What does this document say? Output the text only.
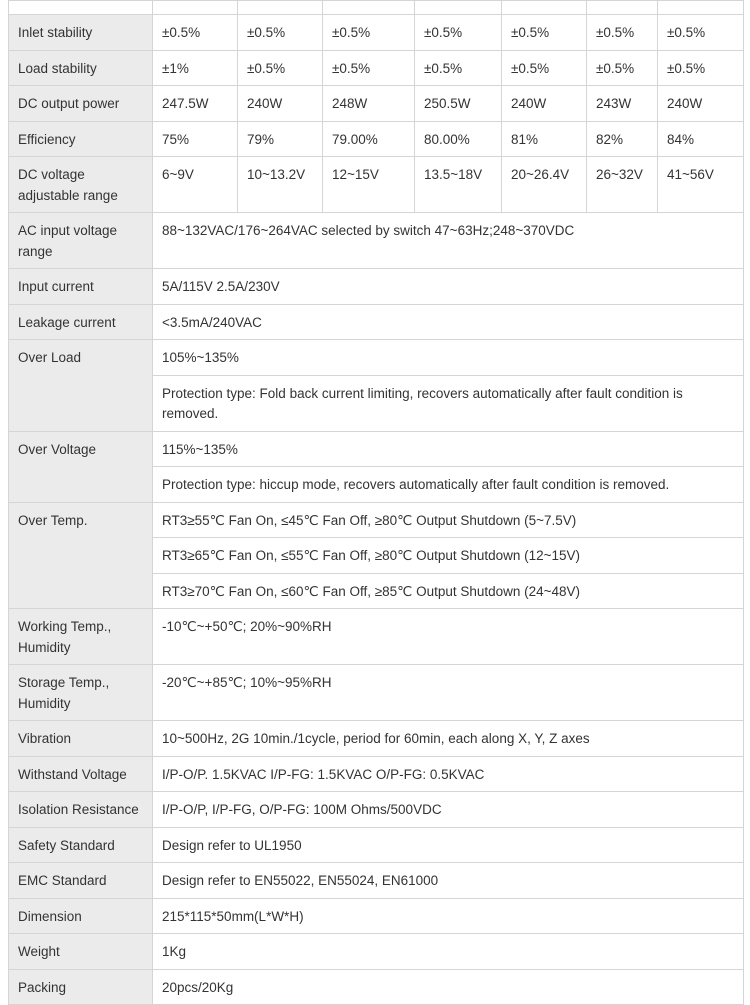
Inlet stability	±0.5%	±0.5%	±0.5%	±0.5%	±0.5%	±0.5%	±0.5%
Load stability	±1%	±0.5%	±0.5%	±0.5%	±0.5%	±0.5%	±0.5%
DC output power	247.5W	240W	248W	250.5W	240W	243W	240W
Efficiency	75%	79%	79.00%	80.00%	81%	82%	84%
DC voltage adjustable range	6~9V	10~13.2V	12~15V	13.5~18V	20~26.4V	26~32V	41~56V
AC input voltage range	88~132VAC/176~264VAC selected by switch 47~63Hz;248~370VDC						
Input current	5A/115V 2.5A/230V						
Leakage current	<3.5mA/240VAC						
Over Load	105%~135%						
	Protection type: Fold back current limiting, recovers automatically after fault condition is removed.						
Over Voltage	115%~135%						
	Protection type: hiccup mode, recovers automatically after fault condition is removed.						
Over Temp.	RT3≥55℃ Fan On, ≤45℃ Fan Off, ≥80℃ Output Shutdown (5~7.5V)						
	RT3≥65℃ Fan On, ≤55℃ Fan Off, ≥80℃ Output Shutdown (12~15V)						
	RT3≥70℃ Fan On, ≤60℃ Fan Off, ≥85℃ Output Shutdown (24~48V)						
Working Temp., Humidity	-10℃~+50℃; 20%~90%RH						
Storage Temp., Humidity	-20℃~+85℃; 10%~95%RH						
Vibration	10~500Hz, 2G 10min./1cycle, period for 60min, each along X, Y, Z axes						
Withstand Voltage	I/P-O/P. 1.5KVAC I/P-FG: 1.5KVAC O/P-FG: 0.5KVAC						
Isolation Resistance	I/P-O/P, I/P-FG, O/P-FG: 100M Ohms/500VDC						
Safety Standard	Design refer to UL1950						
EMC Standard	Design refer to EN55022, EN55024, EN61000						
Dimension	215*115*50mm(L*W*H)						
Weight	1Kg						
Packing	20pcs/20Kg						
